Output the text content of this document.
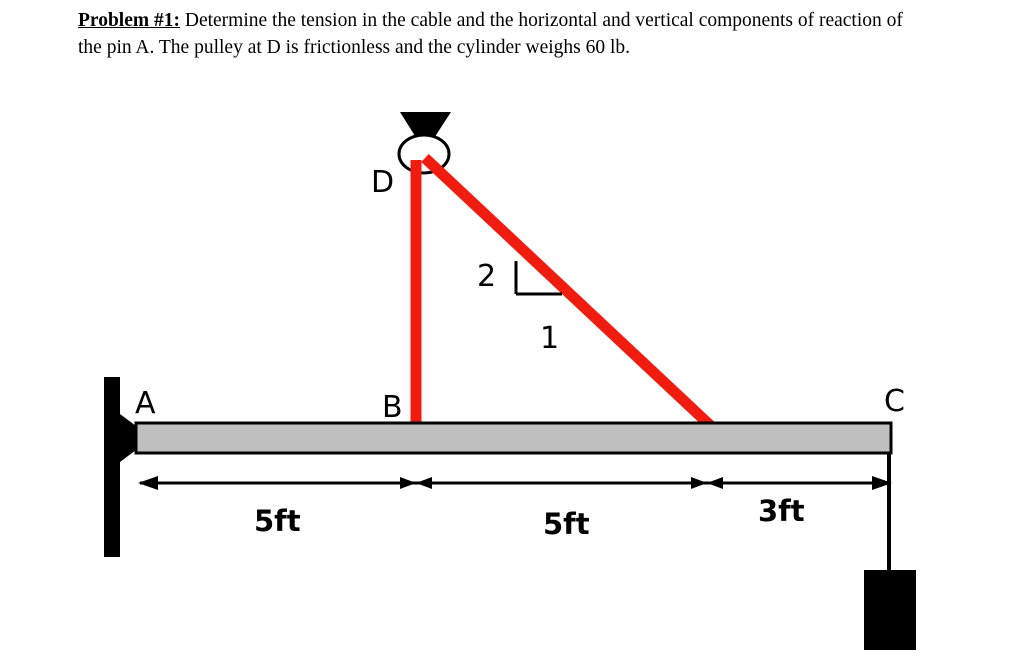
Problem #1: Determine the tension in the cable and the horizontal and vertical components of reaction of the pin A. The pulley at D is frictionless and the cylinder weighs 60 lb.
2
1
A	B	C
D
5ft	5ft	3ft
